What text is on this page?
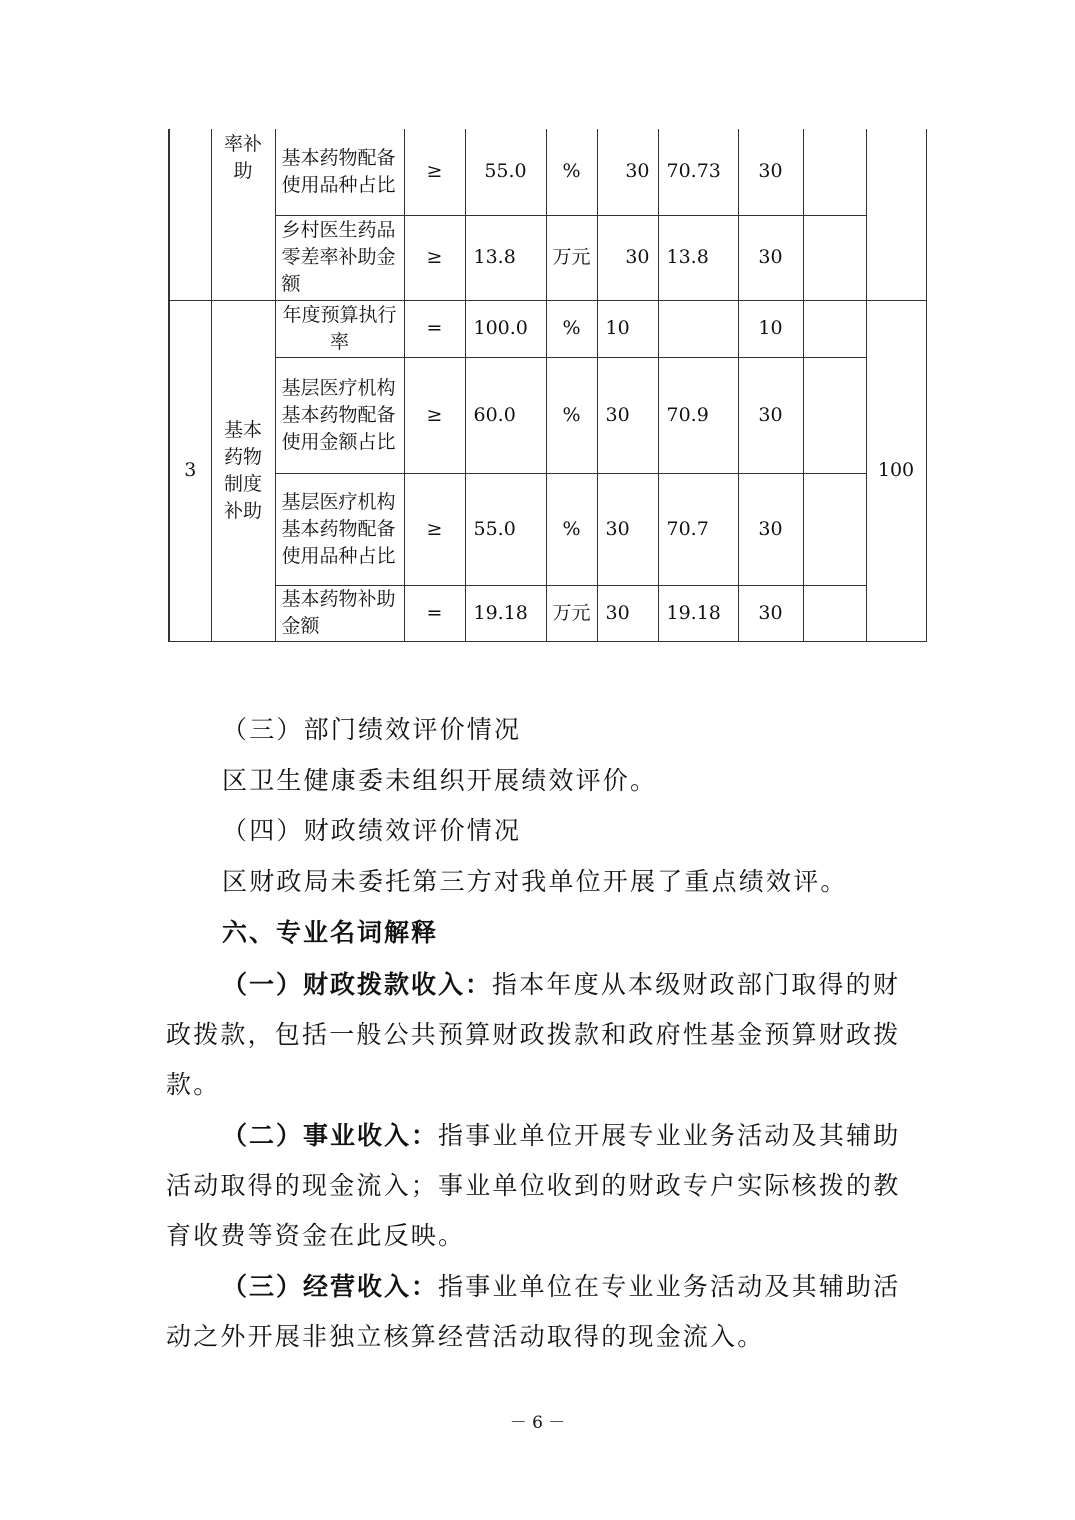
	率补助	基本药物配备使用品种占比	≥	55.0	%	30	70.73	30		
		乡村医生药品零差率补助金额	≥	13.8	万元	30	13.8	30		
3	基本药物制度补助	年度预算执行率	=	100.0	%	10		10		100
		基层医疗机构基本药物配备使用金额占比	≥	60.0	%	30	70.9	30		
		基层医疗机构基本药物配备使用品种占比	≥	55.0	%	30	70.7	30		
		基本药物补助金额	=	19.18	万元	30	19.18	30		

（三）部门绩效评价情况

区卫生健康委未组织开展绩效评价。

（四）财政绩效评价情况

区财政局未委托第三方对我单位开展了重点绩效评。

六、专业名词解释

（一）财政拨款收入：指本年度从本级财政部门取得的财政拨款，包括一般公共预算财政拨款和政府性基金预算财政拨款。

（二）事业收入：指事业单位开展专业业务活动及其辅助活动取得的现金流入；事业单位收到的财政专户实际核拨的教育收费等资金在此反映。

（三）经营收入：指事业单位在专业业务活动及其辅助活动之外开展非独立核算经营活动取得的现金流入。

－ 6 －
